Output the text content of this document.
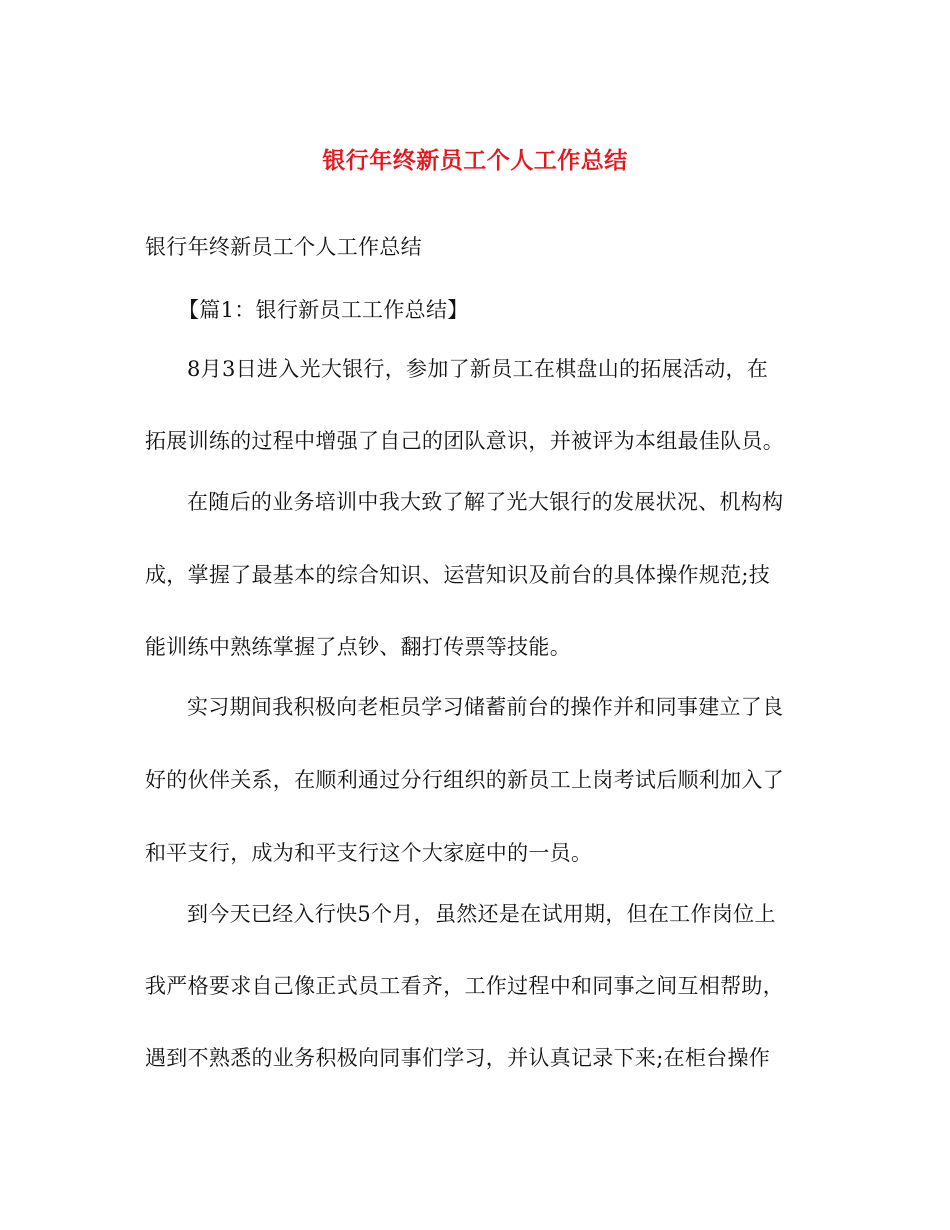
银行年终新员工个人工作总结
银行年终新员工个人工作总结
【篇1：银行新员工工作总结】
8月3日进入光大银行，参加了新员工在棋盘山的拓展活动，在
拓展训练的过程中增强了自己的团队意识，并被评为本组最佳队员。
在随后的业务培训中我大致了解了光大银行的发展状况、机构构
成，掌握了最基本的综合知识、运营知识及前台的具体操作规范;技
能训练中熟练掌握了点钞、翻打传票等技能。
实习期间我积极向老柜员学习储蓄前台的操作并和同事建立了良
好的伙伴关系，在顺利通过分行组织的新员工上岗考试后顺利加入了
和平支行，成为和平支行这个大家庭中的一员。
到今天已经入行快5个月，虽然还是在试用期，但在工作岗位上
我严格要求自己像正式员工看齐，工作过程中和同事之间互相帮助，
遇到不熟悉的业务积极向同事们学习，并认真记录下来;在柜台操作
